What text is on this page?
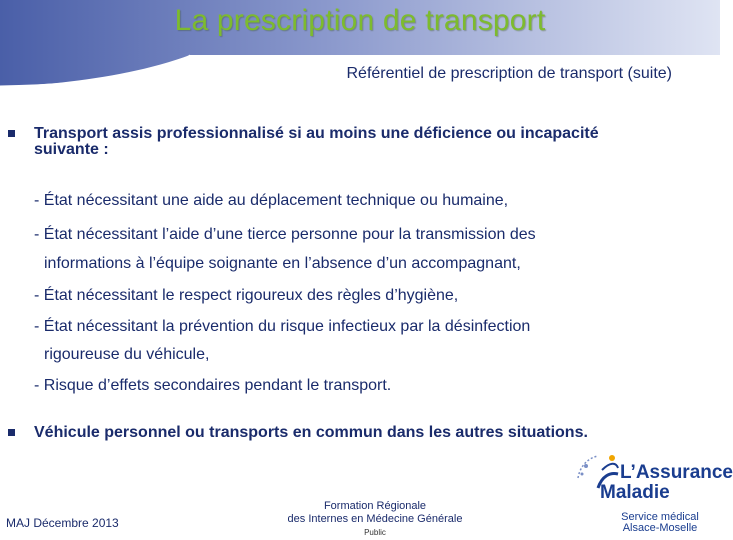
La prescription de transport
Référentiel de prescription de transport (suite)
Transport assis professionnalisé si au moins une déficience ou incapacité
suivante :
- État nécessitant une aide au déplacement technique ou humaine,
- État nécessitant l’aide d’une tierce personne pour la transmission des
informations à l’équipe soignante en l’absence d’un accompagnant,
- État nécessitant le respect rigoureux des règles d’hygiène,
- État nécessitant la prévention du risque infectieux par la désinfection
rigoureuse du véhicule,
- Risque d’effets secondaires pendant le transport.
Véhicule personnel ou transports en commun dans les autres situations.
MAJ Décembre 2013
Formation Régionale
des Internes en Médecine Générale
Public
L’Assurance
Maladie
Service médical
Alsace-Moselle
